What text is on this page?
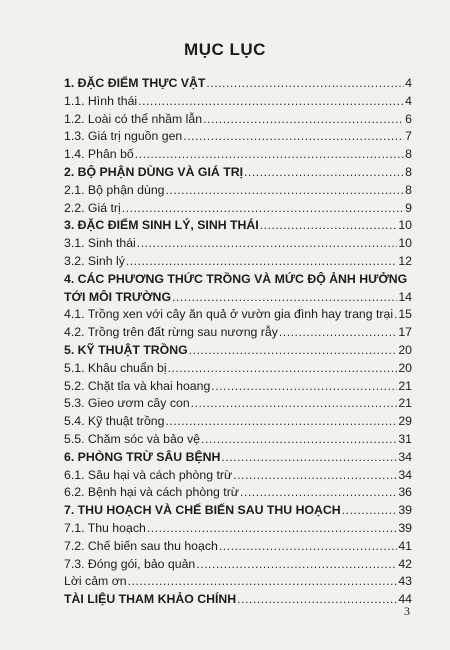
MỤC LỤC
1. ĐẶC ĐIỂM THỰC VẬT .....	4
1.1. Hình thái .....	4
1.2. Loài có thể nhầm lẫn .....	6
1.3. Giá trị nguồn gen .....	7
1.4. Phân bố .....	8
2. BỘ PHẬN DÙNG VÀ GIÁ TRỊ .....	8
2.1. Bộ phận dùng .....	8
2.2. Giá trị .....	9
3. ĐẶC ĐIỂM SINH LÝ, SINH THÁI .....	10
3.1. Sinh thái .....	10
3.2. Sinh lý .....	12
4. CÁC PHƯƠNG THỨC TRỒNG VÀ MỨC ĐỘ ẢNH HƯỞNG
TỚI MÔI TRƯỜNG .....	14
4.1. Trồng xen với cây ăn quả ở vườn gia đình hay trang trại ..... 15
4.2. Trồng trên đất rừng sau nương rẫy .....	17
5. KỸ THUẬT TRỒNG .....	20
5.1. Khâu chuẩn bị .....	20
5.2. Chặt tỉa và khai hoang .....	21
5.3. Gieo ươm cây con .....	21
5.4. Kỹ thuật trồng .....	29
5.5. Chăm sóc và bảo vệ .....	31
6. PHÒNG TRỪ SÂU BỆNH .....	34
6.1. Sâu hại và cách phòng trừ .....	34
6.2. Bệnh hại và cách phòng trừ .....	36
7. THU HOẠCH VÀ CHẾ BIẾN SAU THU HOẠCH .....	39
7.1. Thu hoạch .....	39
7.2. Chế biến sau thu hoạch .....	41
7.3. Đóng gói, bảo quản .....	42
Lời cảm ơn .....	43
TÀI LIỆU THAM KHẢO CHÍNH .....	44
3
